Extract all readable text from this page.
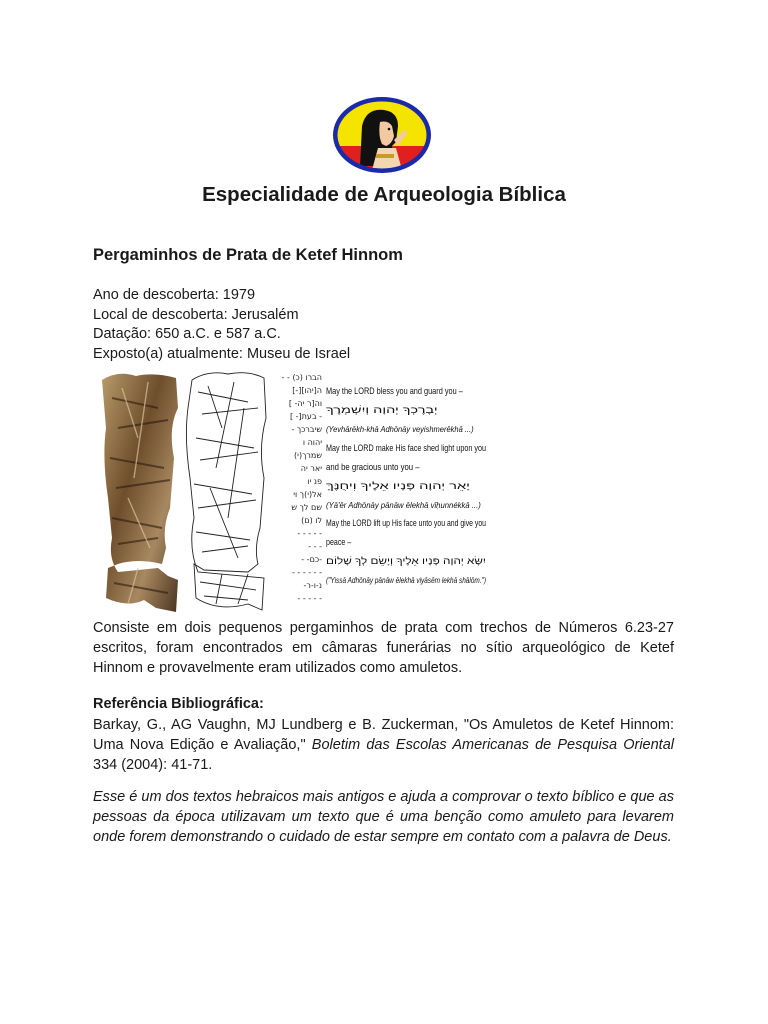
Especialidade de Arqueologia Bíblica
Pergaminhos de Prata de Ketef Hinnom

Ano de descoberta: 1979

Local de descoberta: Jerusalém

Datação: 650 a.C. e 587 a.C.

Exposto(a) atualmente: Museu de Israel

- - הברו (כ)
[-][יהו]ה
[ -ר יה]וה
[ -]בעת -
- שיברכך
יהוה ו
(י)שמרך
יאר יה
פנ יו
אל(י)ך וי
שם לך ש
לו (ם)
- - - - -
- - -
- -כם-
- - - - - -
-נ-ו-ר
- - - - -
May the LORD bless you and guard you –
יְבָרֶכְךָ יְהוָה וְיִשְׁמְרֶךָ
(Yevhārēkh-khā Adhōnāy veyishmerēkhā ...)
May the LORD make His face shed light upon you
and be gracious unto you –
יָאֵר יְהוָה פָּנָיו אֵלֶיךָ וִיחֻנֶּךָּ
(Yā'ēr Adhōnāy pānāw ēlekhā vīḥunnékkā ...)
May the LORD lift up His face unto you and give you
peace –
יִשָּׂא יְהוָה פָּנָיו אֵלֶיךָ וְיָשֵׂם לְךָ שָׁלוֹם
("Yissā Adhōnāy pānāw ēlekhā viyāsēm lekhā shālōm.")

Consiste em dois pequenos pergaminhos de prata com trechos de Números 6.23-27 escritos, foram encontrados em câmaras funerárias no sítio arqueológico de Ketef Hinnom e provavelmente eram utilizados como amuletos.

Referência Bibliográfica:

Barkay, G., AG Vaughn, MJ Lundberg e B. Zuckerman, "Os Amuletos de Ketef Hinnom: Uma Nova Edição e Avaliação," Boletim das Escolas Americanas de Pesquisa Oriental 334 (2004): 41-71.

Esse é um dos textos hebraicos mais antigos e ajuda a comprovar o texto bíblico e que as pessoas da época utilizavam um texto que é uma benção como amuleto para levarem onde forem demonstrando o cuidado de estar sempre em contato com a palavra de Deus.
